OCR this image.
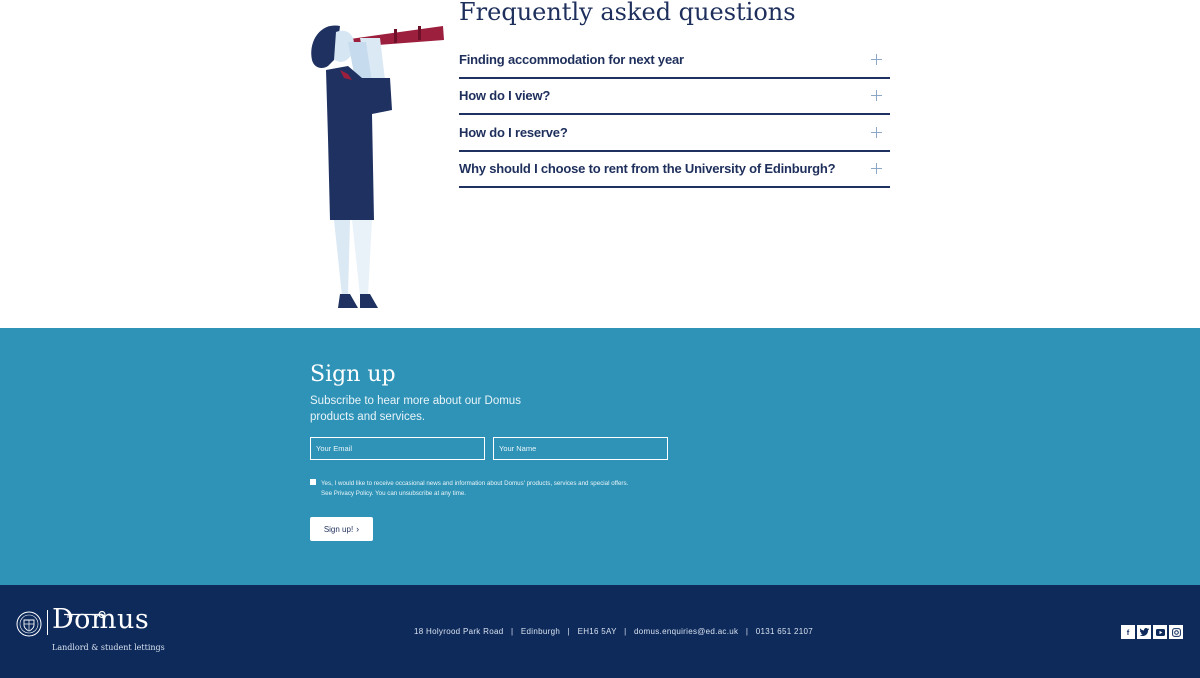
Frequently asked questions
Finding accommodation for next year
How do I view?
How do I reserve?
Why should I choose to rent from the University of Edinburgh?
Sign up

Subscribe to hear more about our Domus products and services.

Your Email
Your Name
Yes, I would like to receive occasional news and information about Domus' products, services and special offers.
See Privacy Policy. You can unsubscribe at any time.
Sign up! ›
Domus
Landlord & student lettings
18 Holyrood Park Road | Edinburgh | EH16 5AY | domus.enquiries@ed.ac.uk | 0131 651 2107	f
